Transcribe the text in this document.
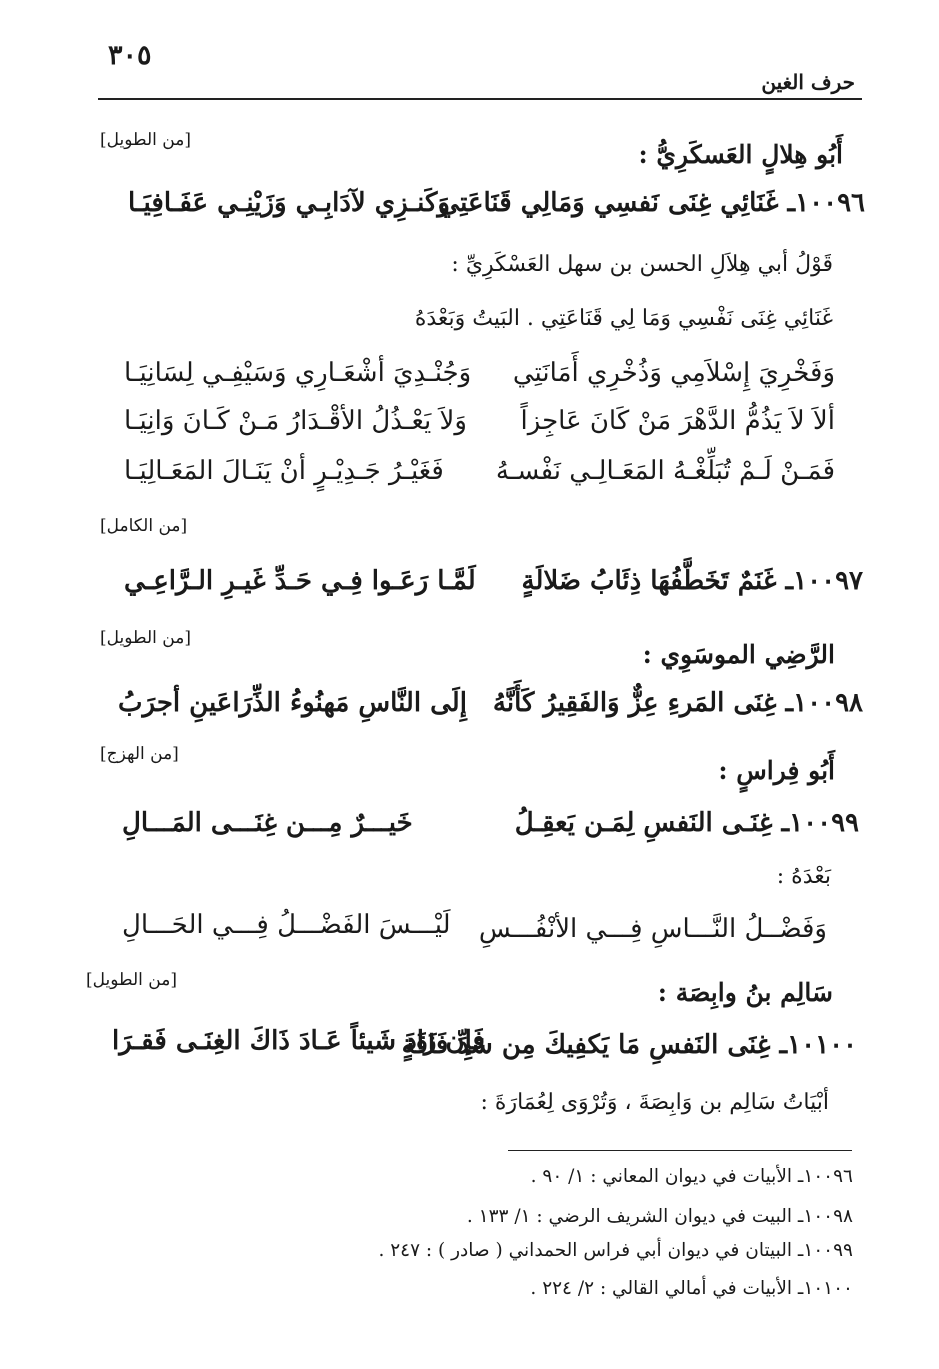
٣٠٥
حرف الغين
أَبُو هِلالٍ العَسكَرِيُّ :
[من الطويل]
١٠٠٩٦ـ غَنَائِي غِنَى نَفسِي وَمَالِي قَنَاعَتِي
وَكَنـزِي لآدَابِـي وَزَيْنِـي عَفَـافِيَـا
قَوْلُ أبي هِلاَلِ الحسن بن سهل العَسْكَرِيِّ :
غَنَائِي غِنَى نَفْسِي وَمَا لِي قَنَاعَتِي . البَيتُ وَبَعْدَهُ
وَفَخْرِيَ إِسْلاَمِي وَذُخْرِي أَمَانَتِي
وَجُنْـدِيَ أشْعَـارِي وَسَيْفِـي لِسَانِيَـا
ألاَ لاَ يَذُمُّ الدَّهْرَ مَنْ كَانَ عَاجِزاً
وَلاَ يَعْـذُلُ الأقْـدَارُ مَـنْ كَـانَ وَانِيَـا
فَمَـنْ لَـمْ تُبَلِّغْـهُ المَعَـالِـي نَفْسـهُ
فَغَيْـرُ جَـدِيْـرٍ أنْ يَنَـالَ المَعَـالِيَـا
[من الكامل]
١٠٠٩٧ـ غَنَمٌ تَخَطَّفُهَا ذِئَابُ ضَلالَةٍ
لَمَّـا رَعَـوا فِـي حَـدِّ غَيـرِ الـرَّاعِـي
[من الطويل]
الرَّضِي الموسَوِي :
١٠٠٩٨ـ غِنَى المَرءِ عِزٌّ وَالفَقِيرُ كَأَنَّهُ
إِلَى النَّاسِ مَهنُوءُ الذِّرَاعَينِ أجرَبُ
[من الهزج]
أَبُو فِراسٍ :
١٠٠٩٩ـ غِنَـى النَفسِ لِمَـن يَعقِـلُ
خَيـــرٌ مِـــن غِنَـــى المَـــالِ
بَعْدَهُ :
وَفَضْــلُ النَّـــاسِ فِـــي الأنْفُـــسِ
لَيْـــسَ الفَضْـــلُ فِـــي الحَـــالِ
[من الطويل]	سَالِم بنُ وابِصَة :
١٠١٠٠ـ غِنَى النَفسِ مَا يَكفِيكَ مِن سَدِّ فَاقَةٍ
فَإِن زَادَ شَيئاً عَـادَ ذَاكَ الغِنَـى فَقـرَا
أبْيَاتُ سَالِم بن وَابِصَةَ ، وَتُرْوَى لِعُمَارَةَ :
١٠٠٩٦ـ الأبيات في ديوان المعاني : ١/ ٩٠ .
١٠٠٩٨ـ البيت في ديوان الشريف الرضي : ١/ ١٣٣ .
١٠٠٩٩ـ البيتان في ديوان أبي فراس الحمداني ( صادر ) : ٢٤٧ .
١٠١٠٠ـ الأبيات في أمالي القالي : ٢/ ٢٢٤ .
